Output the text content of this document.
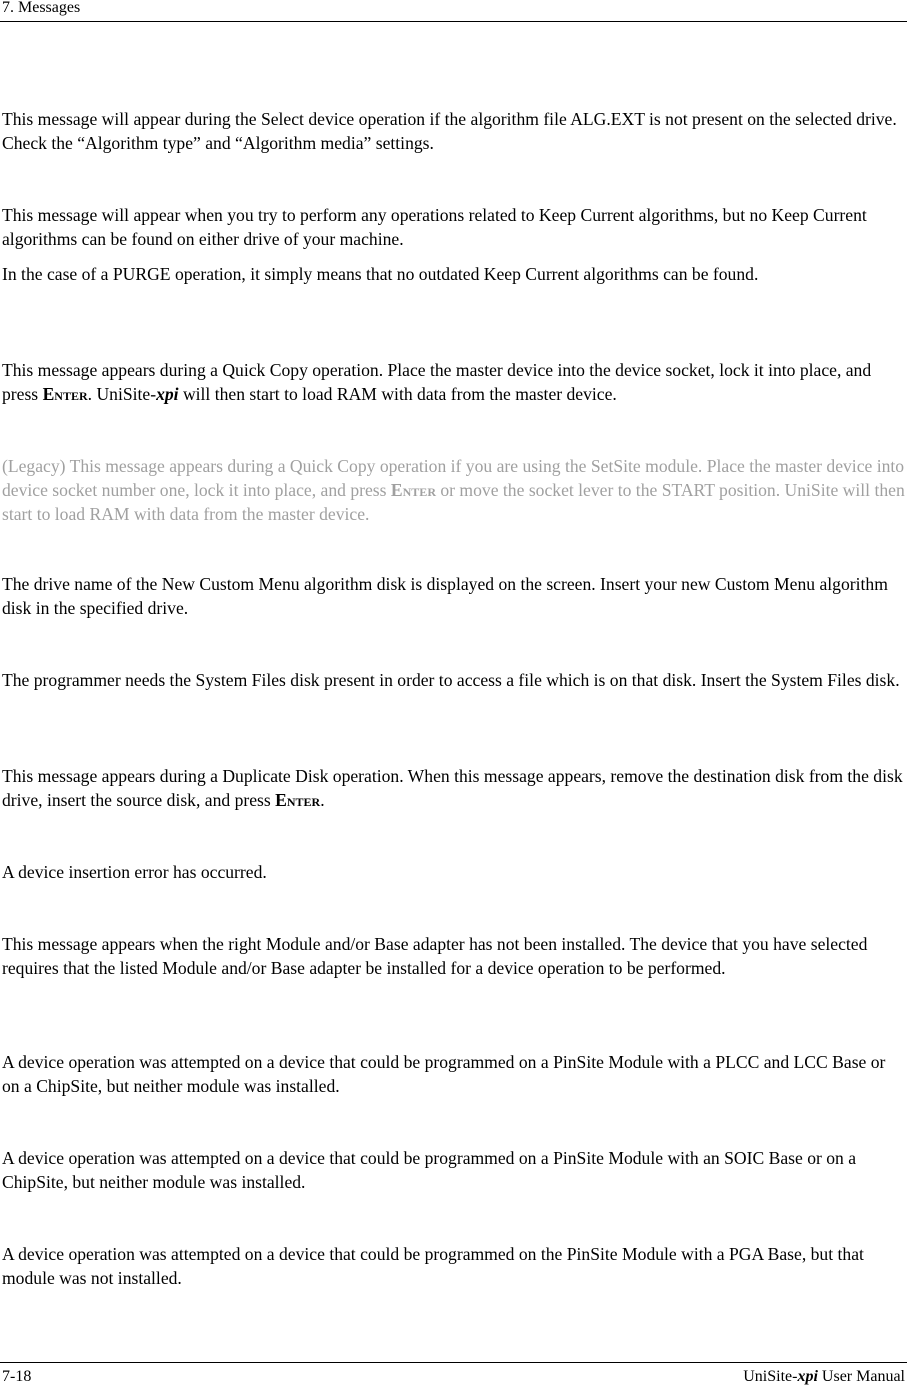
7. Messages

This message will appear during the Select device operation if the algorithm file ALG.EXT is not present on the selected drive. Check the “Algorithm type” and “Algorithm media” settings.

This message will appear when you try to perform any operations related to Keep Current algorithms, but no Keep Current algorithms can be found on either drive of your machine.

In the case of a PURGE operation, it simply means that no outdated Keep Current algorithms can be found.

This message appears during a Quick Copy operation. Place the master device into the device socket, lock it into place, and press Enter. UniSite-xpi will then start to load RAM with data from the master device.

(Legacy) This message appears during a Quick Copy operation if you are using the SetSite module. Place the master device into device socket number one, lock it into place, and press Enter or move the socket lever to the START position. UniSite will then start to load RAM with data from the master device.

The drive name of the New Custom Menu algorithm disk is displayed on the screen. Insert your new Custom Menu algorithm disk in the specified drive.

The programmer needs the System Files disk present in order to access a file which is on that disk. Insert the System Files disk.

This message appears during a Duplicate Disk operation. When this message appears, remove the destination disk from the disk drive, insert the source disk, and press Enter.

A device insertion error has occurred.

This message appears when the right Module and/or Base adapter has not been installed. The device that you have selected requires that the listed Module and/or Base adapter be installed for a device operation to be performed.

A device operation was attempted on a device that could be programmed on a PinSite Module with a PLCC and LCC Base or on a ChipSite, but neither module was installed.

A device operation was attempted on a device that could be programmed on a PinSite Module with an SOIC Base or on a ChipSite, but neither module was installed.

A device operation was attempted on a device that could be programmed on the PinSite Module with a PGA Base, but that module was not installed.

7-18	UniSite-xpi User Manual
